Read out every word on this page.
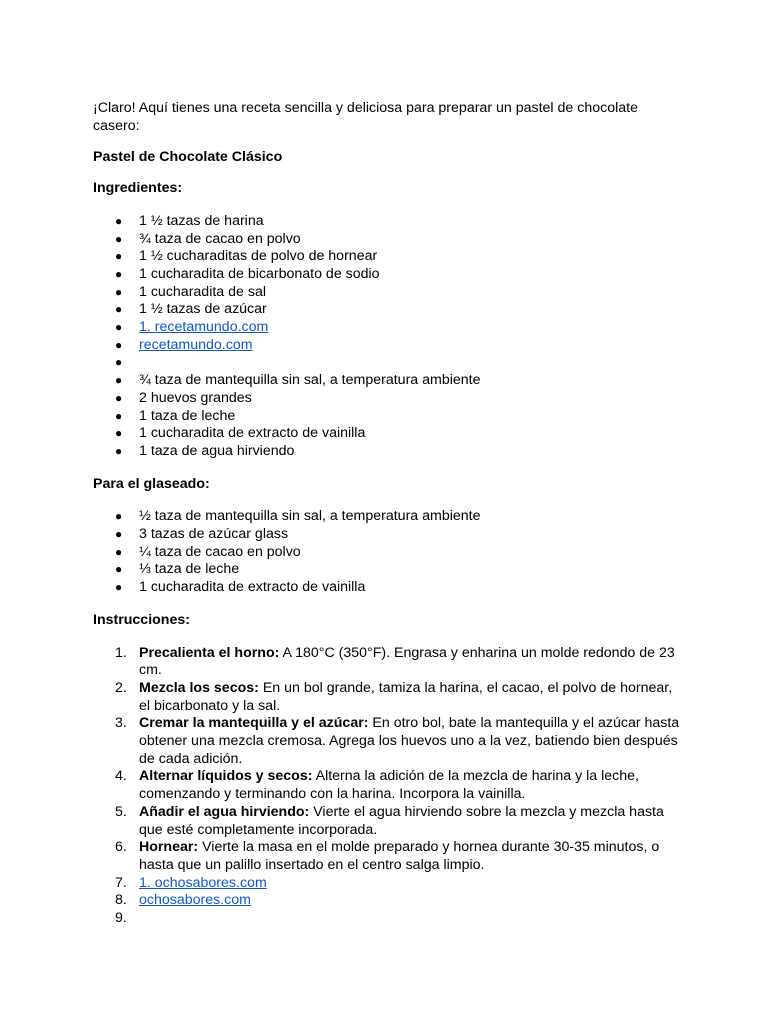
¡Claro! Aquí tienes una receta sencilla y deliciosa para preparar un pastel de chocolate casero:

Pastel de Chocolate Clásico

Ingredientes:

● 1 ½ tazas de harina
● ¾ taza de cacao en polvo
● 1 ½ cucharaditas de polvo de hornear
● 1 cucharadita de bicarbonato de sodio
● 1 cucharadita de sal
● 1 ½ tazas de azúcar
● 1. recetamundo.com
● recetamundo.com
●
● ¾ taza de mantequilla sin sal, a temperatura ambiente
● 2 huevos grandes
● 1 taza de leche
● 1 cucharadita de extracto de vainilla
● 1 taza de agua hirviendo

Para el glaseado:

● ½ taza de mantequilla sin sal, a temperatura ambiente
● 3 tazas de azúcar glass
● ¼ taza de cacao en polvo
● ⅓ taza de leche
● 1 cucharadita de extracto de vainilla

Instrucciones:

1. Precalienta el horno: A 180°C (350°F). Engrasa y enharina un molde redondo de 23 cm.
2. Mezcla los secos: En un bol grande, tamiza la harina, el cacao, el polvo de hornear, el bicarbonato y la sal.
3. Cremar la mantequilla y el azúcar: En otro bol, bate la mantequilla y el azúcar hasta obtener una mezcla cremosa. Agrega los huevos uno a la vez, batiendo bien después de cada adición.
4. Alternar líquidos y secos: Alterna la adición de la mezcla de harina y la leche, comenzando y terminando con la harina. Incorpora la vainilla.
5. Añadir el agua hirviendo: Vierte el agua hirviendo sobre la mezcla y mezcla hasta que esté completamente incorporada.
6. Hornear: Vierte la masa en el molde preparado y hornea durante 30-35 minutos, o hasta que un palillo insertado en el centro salga limpio.
7. 1. ochosabores.com
8. ochosabores.com
9.
